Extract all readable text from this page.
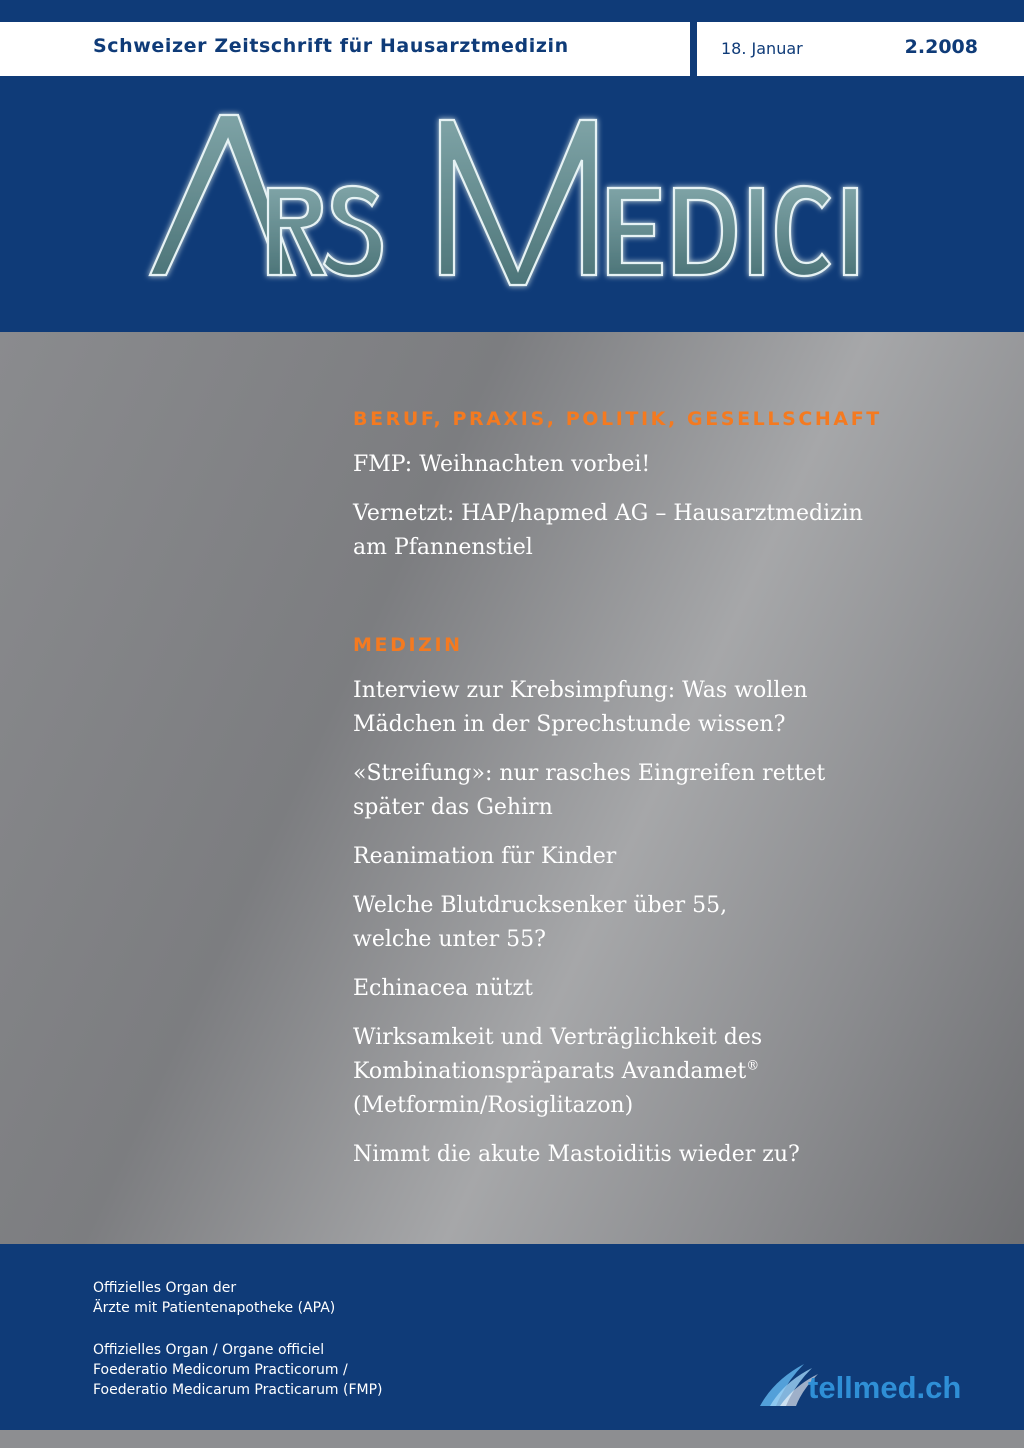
Schweizer Zeitschrift für Hausarztmedizin	18. Januar	2.2008
BERUF, PRAXIS, POLITIK, GESELLSCHAFT
FMP: Weihnachten vorbei!
Vernetzt: HAP/hapmed AG – Hausarztmedizin
am Pfannenstiel
MEDIZIN
Interview zur Krebsimpfung: Was wollen
Mädchen in der Sprechstunde wissen?
«Streifung»: nur rasches Eingreifen rettet
später das Gehirn
Reanimation für Kinder
Welche Blutdrucksenker über 55,
welche unter 55?
Echinacea nützt
Wirksamkeit und Verträglichkeit des
Kombinationspräparats Avandamet®
(Metformin/Rosiglitazon)
Nimmt die akute Mastoiditis wieder zu?
Offizielles Organ der
Ärzte mit Patientenapotheke (APA)
Offizielles Organ / Organe officiel
Foederatio Medicorum Practicorum /
Foederatio Medicarum Practicarum (FMP)	tellmed.ch
